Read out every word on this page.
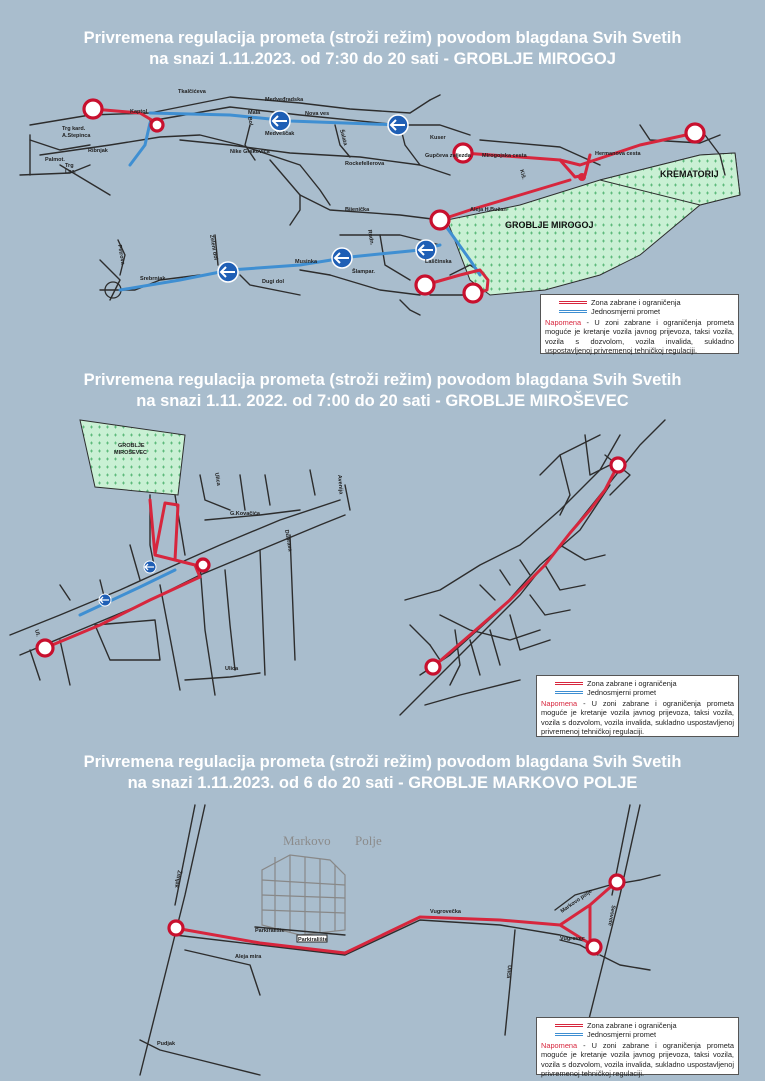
Privremena regulacija prometa (stroži režim) povodom blagdana Svih Svetih
na snazi 1.11.2023. od 7:30 do 20 sati - GROBLJE MIROGOJ
Kaptol
Tkalčićeva
Medveđradska
Mala	Nova ves
Medveščak
Trg kard.
A.Stepinca
Ribnjak
Palmot.
Trg
Laz.
Rockefellerova
Nike Grskovića
Kuser
Gupčeva zvijezda Mirogojska cesta	Hermanova cesta
KREMATORIJ
GROBLJE MIROGOJ
Aleja H.Bužan
Bijenička
Srebrnjak	Dugi dol
Laščinska
Šlampar.
Musinka
Zeleni dol
Petrova
Rudn.
Šalata
Kiš.
Bol.
Zona zabrane i ograničenja
Jednosmjerni promet
Napomena - U zoni zabrane i ograničenja prometa moguće je kretanje vozila javnog prijevoza, taksi vozila, vozila s dozvolom, vozila invalida, sukladno uspostavljenoj privremenoj tehničkoj regulaciji.
Privremena regulacija prometa (stroži režim) povodom blagdana Svih Svetih
na snazi 1.11. 2022. od 7:00 do 20 sati - GROBLJE MIROŠEVEC
GROBLJE
MIROŠEVEC
G.Kovačića
Dubrava
Avenija
Ulica
Ulica
Ul.
Zona zabrane i ograničenja
Jednosmjerni promet
Napomena - U zoni zabrane i ograničenja prometa moguće je kretanje vozila javnog prijevoza, taksi vozila, vozila s dozvolom, vozila invalida, sukladno uspostavljenoj privremenoj tehničkoj regulaciji.
Privremena regulacija prometa (stroži režim) povodom blagdana Svih Svetih
na snazi 1.11.2023. od 6 do 20 sati - GROBLJE MARKOVO POLJE
Markovo Polje
Parkiralište
Parkiralište
Aleja mira
Vugrovečka
Žitnjak
Pudjak
Vugrovec
Sesvete
Ulica
Markovo polje
Zona zabrane i ograničenja
Jednosmjerni promet
Napomena - U zoni zabrane i ograničenja prometa moguće je kretanje vozila javnog prijevoza, taksi vozila, vozila s dozvolom, vozila invalida, sukladno uspostavljenoj privremenoj tehničkoj regulaciji.
